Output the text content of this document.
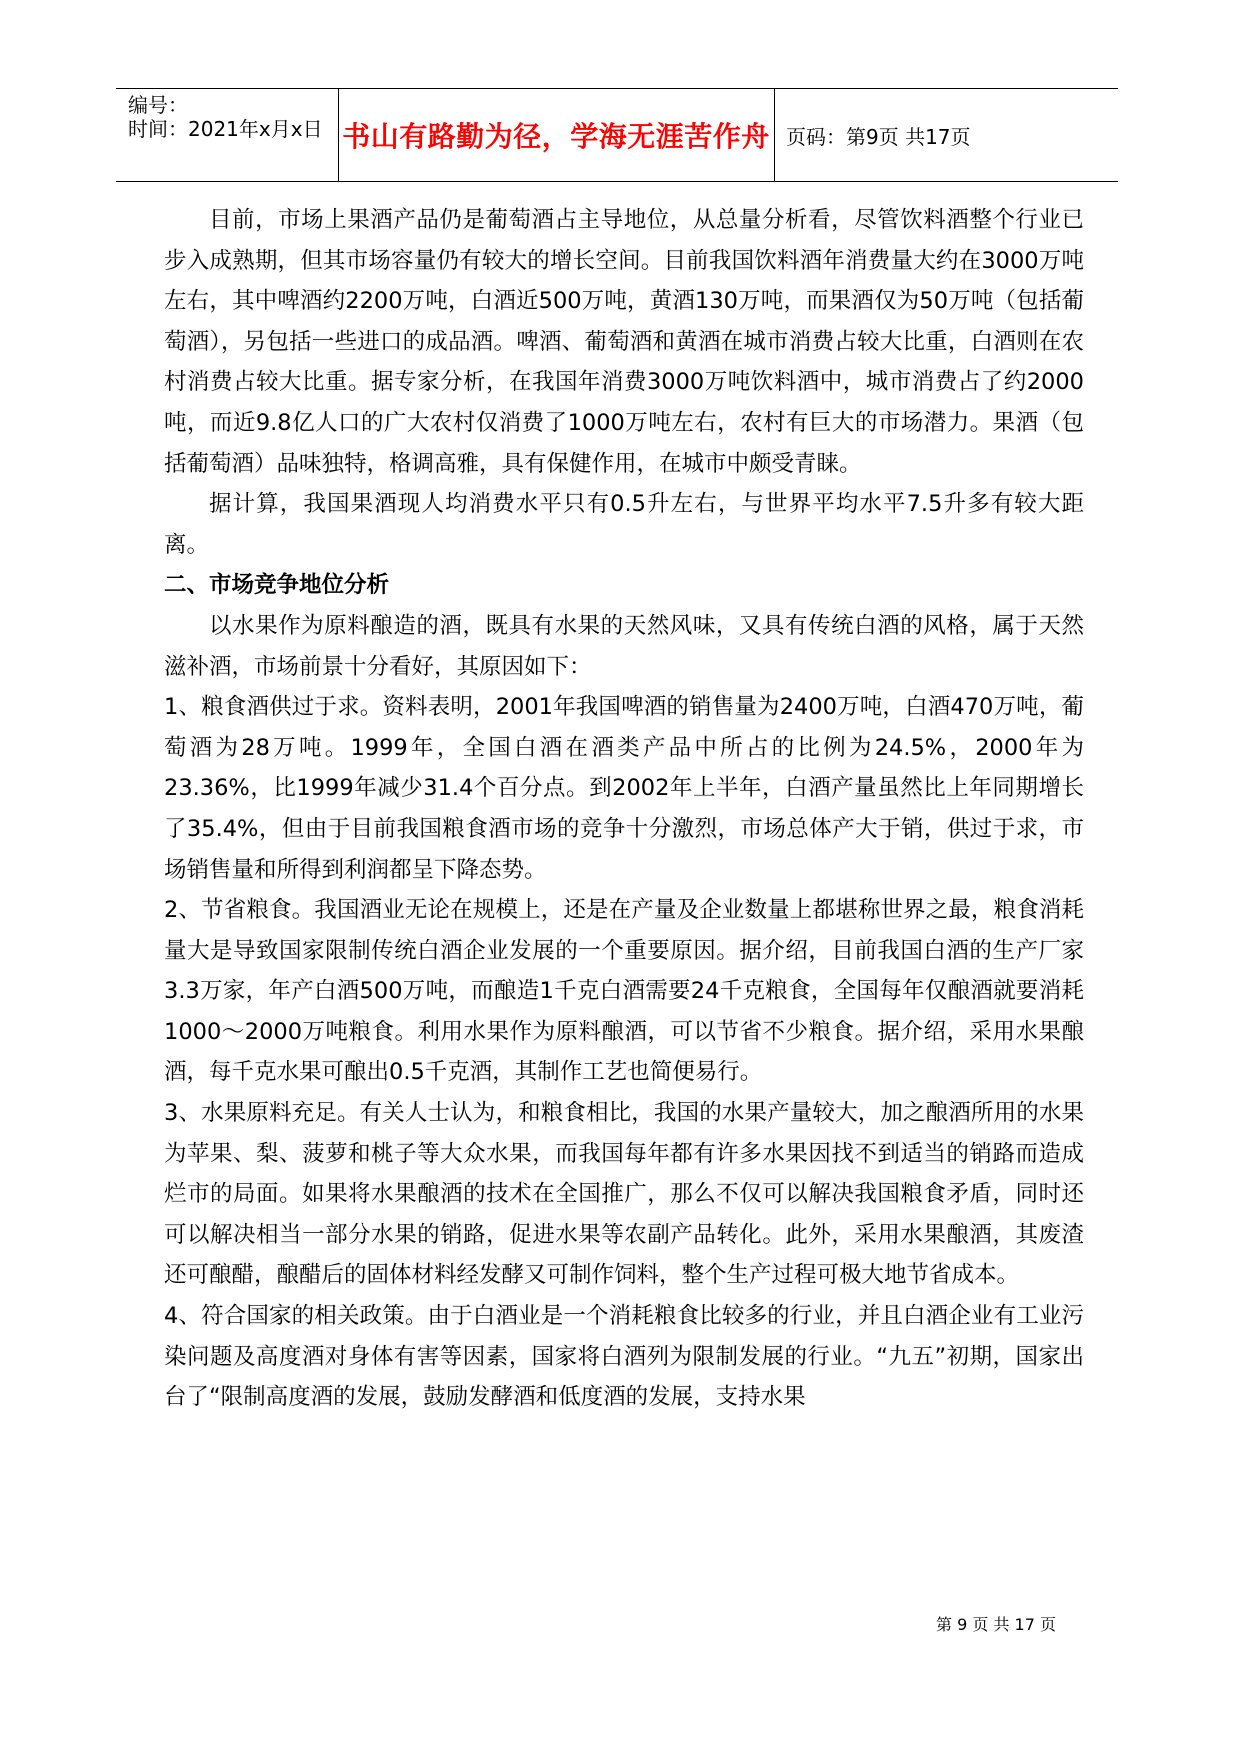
编号：
时间：2021年x月x日 书山有路勤为径，学海无涯苦作舟 页码：第9页 共17页

目前，市场上果酒产品仍是葡萄酒占主导地位，从总量分析看，尽管饮料酒整个行业已步入成熟期，但其市场容量仍有较大的增长空间。目前我国饮料酒年消费量大约在3000万吨左右，其中啤酒约2200万吨，白酒近500万吨，黄酒130万吨，而果酒仅为50万吨（包括葡萄酒），另包括一些进口的成品酒。啤酒、葡萄酒和黄酒在城市消费占较大比重，白酒则在农村消费占较大比重。据专家分析，在我国年消费3000万吨饮料酒中，城市消费占了约2000吨，而近9.8亿人口的广大农村仅消费了1000万吨左右，农村有巨大的市场潜力。果酒（包括葡萄酒）品味独特，格调高雅，具有保健作用，在城市中颇受青睐。

据计算，我国果酒现人均消费水平只有0.5升左右，与世界平均水平7.5升多有较大距离。

二、市场竞争地位分析

以水果作为原料酿造的酒，既具有水果的天然风味，又具有传统白酒的风格，属于天然滋补酒，市场前景十分看好，其原因如下：

1、粮食酒供过于求。资料表明，2001年我国啤酒的销售量为2400万吨，白酒470万吨，葡萄酒为28万吨。1999年，全国白酒在酒类产品中所占的比例为24.5%，2000年为23.36%，比1999年减少31.4个百分点。到2002年上半年，白酒产量虽然比上年同期增长了35.4%，但由于目前我国粮食酒市场的竞争十分激烈，市场总体产大于销，供过于求，市场销售量和所得到利润都呈下降态势。

2、节省粮食。我国酒业无论在规模上，还是在产量及企业数量上都堪称世界之最，粮食消耗量大是导致国家限制传统白酒企业发展的一个重要原因。据介绍，目前我国白酒的生产厂家3.3万家，年产白酒500万吨，而酿造1千克白酒需要24千克粮食，全国每年仅酿酒就要消耗1000～2000万吨粮食。利用水果作为原料酿酒，可以节省不少粮食。据介绍，采用水果酿酒，每千克水果可酿出0.5千克酒，其制作工艺也简便易行。

3、水果原料充足。有关人士认为，和粮食相比，我国的水果产量较大，加之酿酒所用的水果为苹果、梨、菠萝和桃子等大众水果，而我国每年都有许多水果因找不到适当的销路而造成烂市的局面。如果将水果酿酒的技术在全国推广，那么不仅可以解决我国粮食矛盾，同时还可以解决相当一部分水果的销路，促进水果等农副产品转化。此外，采用水果酿酒，其废渣还可酿醋，酿醋后的固体材料经发酵又可制作饲料，整个生产过程可极大地节省成本。

4、符合国家的相关政策。由于白酒业是一个消耗粮食比较多的行业，并且白酒企业有工业污染问题及高度酒对身体有害等因素，国家将白酒列为限制发展的行业。“九五”初期，国家出台了“限制高度酒的发展，鼓励发酵酒和低度酒的发展，支持水果

第 9 页 共 17 页
